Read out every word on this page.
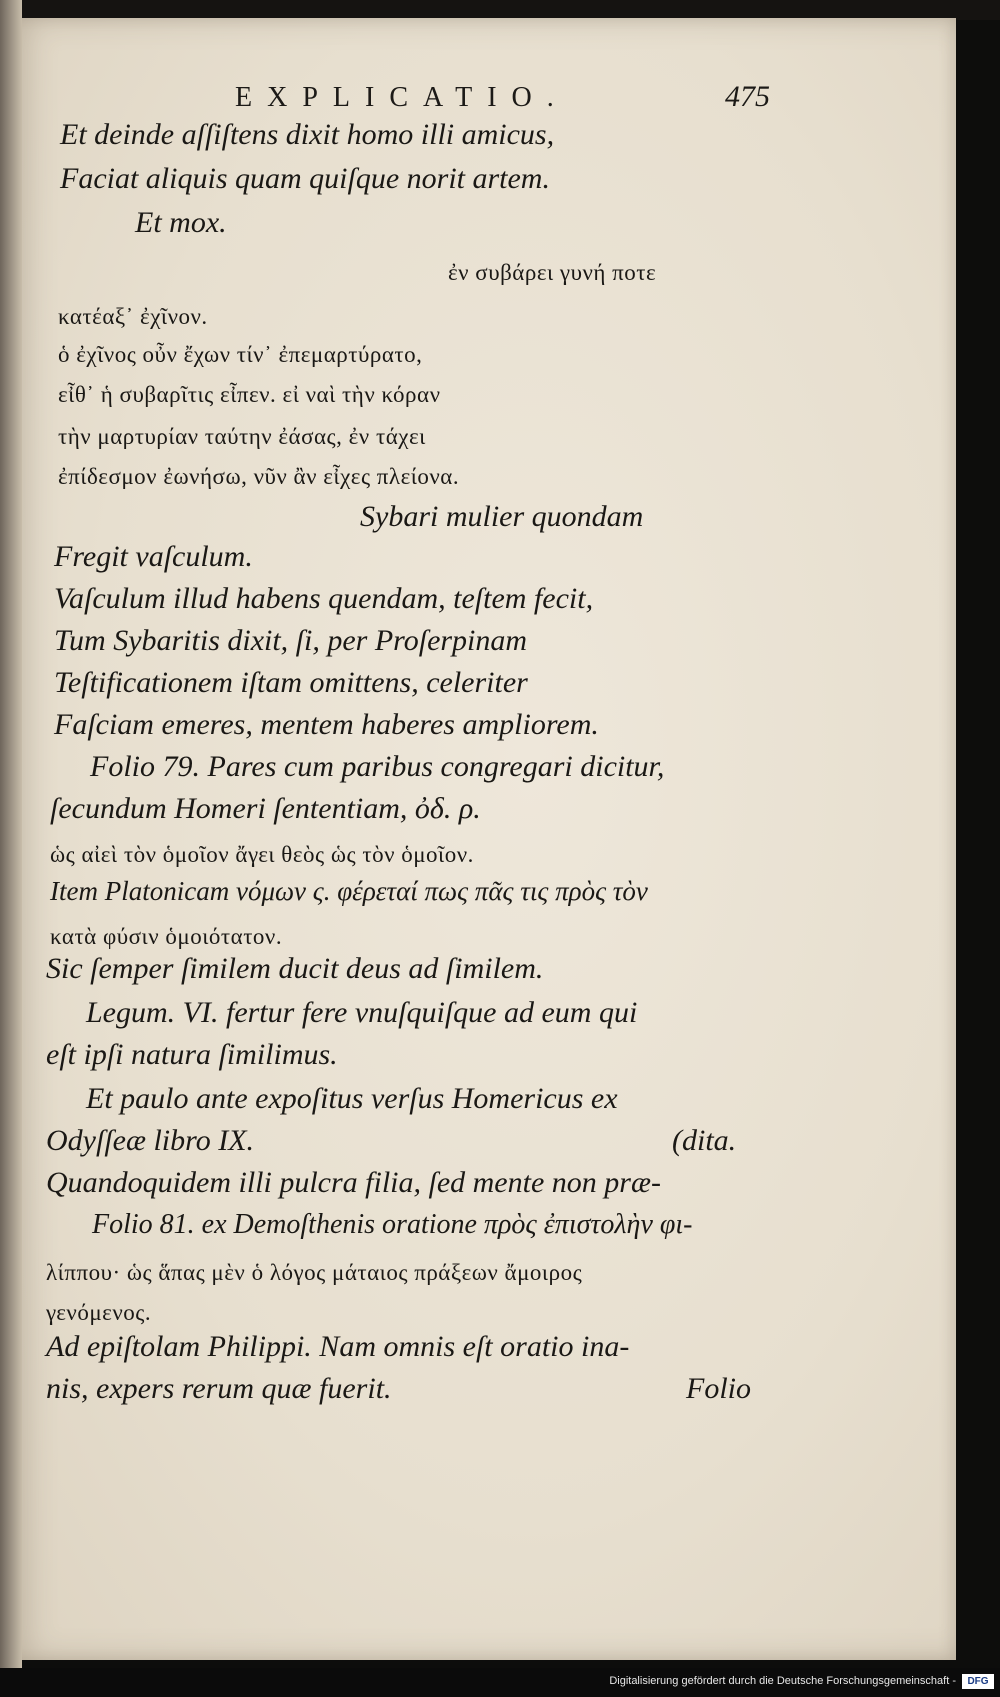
EXPLICATIO.	475
Et deinde aſſiſtens dixit homo illi amicus,
Faciat aliquis quam quiſque norit artem.
Et mox.
ἐν συβάρει γυνή ποτε
κατέαξ᾽ ἐχῖνον.
ὁ ἐχῖνος οὖν ἔχων τίν᾽ ἐπεμαρτύρατο,
εἶθ᾽ ἡ συβαρῖτις εἶπεν. εἰ ναὶ τὴν κόραν
τὴν μαρτυρίαν ταύτην ἐάσας, ἐν τάχει
ἐπίδεσμον ἐωνήσω, νῦν ἂν εἶχες πλείονα.
Sybari mulier quondam
Fregit vaſculum.
Vaſculum illud habens quendam, teſtem fecit,
Tum Sybaritis dixit, ſi, per Proſerpinam
Teſtificationem iſtam omittens, celeriter
Faſciam emeres, mentem haberes ampliorem.
Folio 79. Pares cum paribus congregari dicitur,
ſecundum Homeri ſententiam, ὀδ. ρ.
ὡς αἰεὶ τὸν ὁμοῖον ἄγει θεὸς ὡς τὸν ὁμοῖον.
Item Platonicam νόμων ς. φέρεταί πως πᾶς τις πρὸς τὸν
κατὰ φύσιν ὁμοιότατον.
Sic ſemper ſimilem ducit deus ad ſimilem.
Legum. VI. fertur fere vnuſquiſque ad eum qui
eſt ipſi natura ſimilimus.
Et paulo ante expoſitus verſus Homericus ex
Odyſſeæ libro IX.	(dita.
Quandoquidem illi pulcra filia, ſed mente non præ-
Folio 81. ex Demoſthenis oratione πρὸς ἐπιστολὴν φι-
λίππου· ὡς ἅπας μὲν ὁ λόγος μάταιος πράξεων ἄμοιρος
γενόμενος.
Ad epiſtolam Philippi. Nam omnis eſt oratio ina-
nis, expers rerum quæ fuerit.	Folio
Digitalisierung gefördert durch die Deutsche Forschungsgemeinschaft -	DFG
